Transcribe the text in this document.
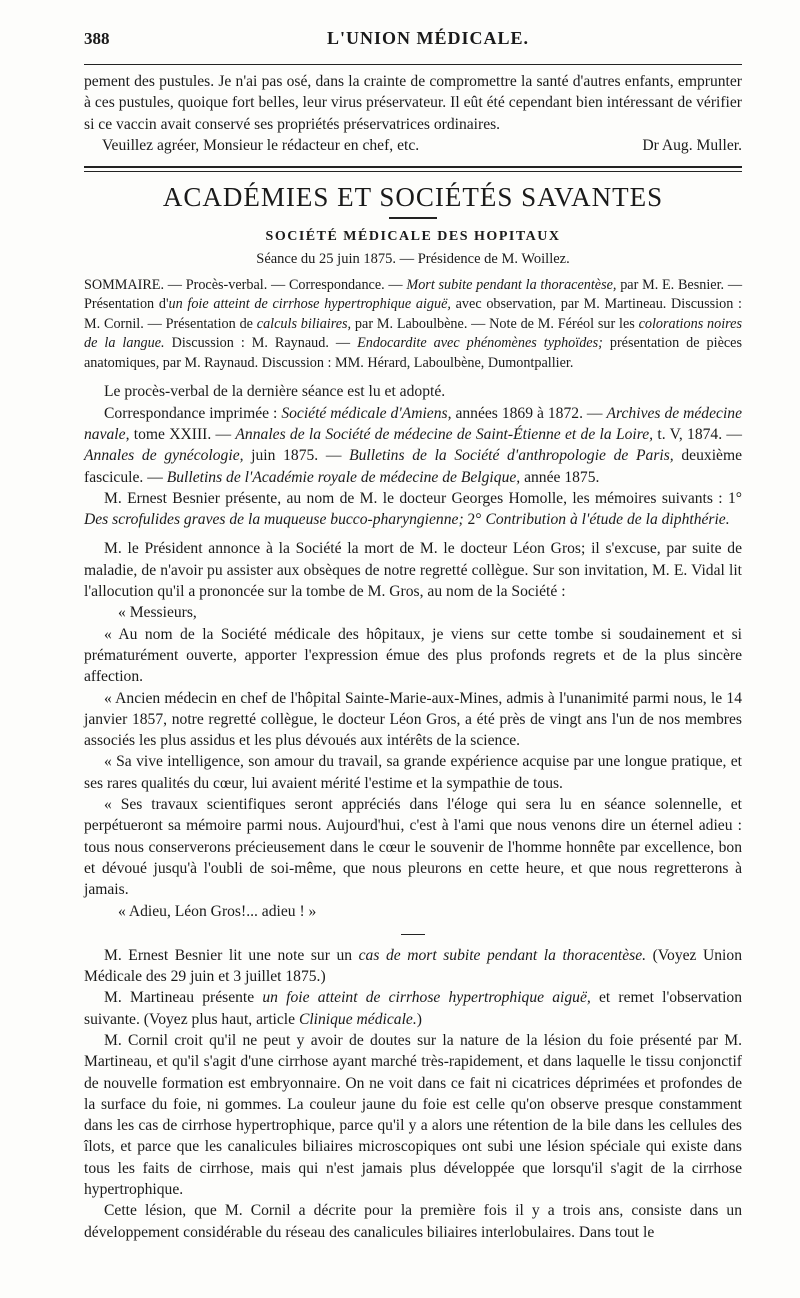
388	L'UNION MÉDICALE.

pement des pustules. Je n'ai pas osé, dans la crainte de compromettre la santé d'autres enfants, emprunter à ces pustules, quoique fort belles, leur virus préservateur. Il eût été cependant bien intéressant de vérifier si ce vaccin avait conservé ses propriétés préservatrices ordinaires.

Veuillez agréer, Monsieur le rédacteur en chef, etc.	Dr Aug. Muller.
ACADÉMIES ET SOCIÉTÉS SAVANTES
SOCIÉTÉ MÉDICALE DES HOPITAUX
Séance du 25 juin 1875. — Présidence de M. Woillez.

SOMMAIRE. — Procès-verbal. — Correspondance. — Mort subite pendant la thoracentèse, par M. E. Besnier. — Présentation d'un foie atteint de cirrhose hypertrophique aiguë, avec observation, par M. Martineau. Discussion : M. Cornil. — Présentation de calculs biliaires, par M. Laboulbène. — Note de M. Féréol sur les colorations noires de la langue. Discussion : M. Raynaud. — Endocardite avec phénomènes typhoïdes; présentation de pièces anatomiques, par M. Raynaud. Discussion : MM. Hérard, Laboulbène, Dumontpallier.

Le procès-verbal de la dernière séance est lu et adopté.

Correspondance imprimée : Société médicale d'Amiens, années 1869 à 1872. — Archives de médecine navale, tome XXIII. — Annales de la Société de médecine de Saint-Étienne et de la Loire, t. V, 1874. — Annales de gynécologie, juin 1875. — Bulletins de la Société d'anthropologie de Paris, deuxième fascicule. — Bulletins de l'Académie royale de médecine de Belgique, année 1875.

M. Ernest Besnier présente, au nom de M. le docteur Georges Homolle, les mémoires suivants : 1° Des scrofulides graves de la muqueuse bucco-pharyngienne; 2° Contribution à l'étude de la diphthérie.

M. le Président annonce à la Société la mort de M. le docteur Léon Gros; il s'excuse, par suite de maladie, de n'avoir pu assister aux obsèques de notre regretté collègue. Sur son invitation, M. E. Vidal lit l'allocution qu'il a prononcée sur la tombe de M. Gros, au nom de la Société :

« Messieurs,

« Au nom de la Société médicale des hôpitaux, je viens sur cette tombe si soudainement et si prématurément ouverte, apporter l'expression émue des plus profonds regrets et de la plus sincère affection.

« Ancien médecin en chef de l'hôpital Sainte-Marie-aux-Mines, admis à l'unanimité parmi nous, le 14 janvier 1857, notre regretté collègue, le docteur Léon Gros, a été près de vingt ans l'un de nos membres associés les plus assidus et les plus dévoués aux intérêts de la science.

« Sa vive intelligence, son amour du travail, sa grande expérience acquise par une longue pratique, et ses rares qualités du cœur, lui avaient mérité l'estime et la sympathie de tous.

« Ses travaux scientifiques seront appréciés dans l'éloge qui sera lu en séance solennelle, et perpétueront sa mémoire parmi nous. Aujourd'hui, c'est à l'ami que nous venons dire un éternel adieu : tous nous conserverons précieusement dans le cœur le souvenir de l'homme honnête par excellence, bon et dévoué jusqu'à l'oubli de soi-même, que nous pleurons en cette heure, et que nous regretterons à jamais.

« Adieu, Léon Gros!... adieu ! »

M. Ernest Besnier lit une note sur un cas de mort subite pendant la thoracentèse. (Voyez Union Médicale des 29 juin et 3 juillet 1875.)

M. Martineau présente un foie atteint de cirrhose hypertrophique aiguë, et remet l'observation suivante. (Voyez plus haut, article Clinique médicale.)

M. Cornil croit qu'il ne peut y avoir de doutes sur la nature de la lésion du foie présenté par M. Martineau, et qu'il s'agit d'une cirrhose ayant marché très-rapidement, et dans laquelle le tissu conjonctif de nouvelle formation est embryonnaire. On ne voit dans ce fait ni cicatrices déprimées et profondes de la surface du foie, ni gommes. La couleur jaune du foie est celle qu'on observe presque constamment dans les cas de cirrhose hypertrophique, parce qu'il y a alors une rétention de la bile dans les cellules des îlots, et parce que les canalicules biliaires microscopiques ont subi une lésion spéciale qui existe dans tous les faits de cirrhose, mais qui n'est jamais plus développée que lorsqu'il s'agit de la cirrhose hypertrophique.

Cette lésion, que M. Cornil a décrite pour la première fois il y a trois ans, consiste dans un développement considérable du réseau des canalicules biliaires interlobulaires. Dans tout le
